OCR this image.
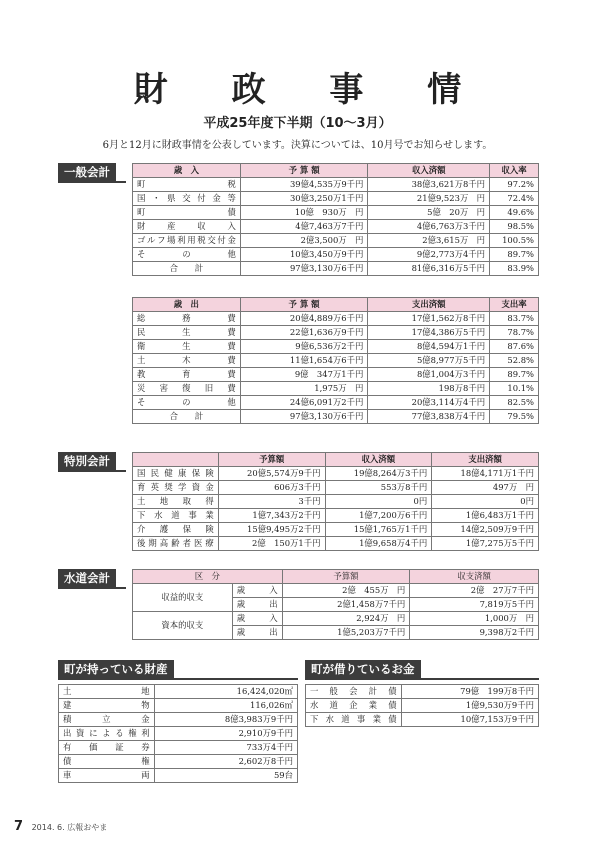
財 政 事 情
平成25年度下半期（10～3月）
6月と12月に財政事情を公表しています。決算については、10月号でお知らせします。
一般会計	歳　入	予 算 額	収入済額	収入率
町　　　　　税	39億4,535万9千円	38億3,621万8千円	97.2%
国・県交付金等	30億3,250万1千円	21億9,523万　円	72.4%
町　　　　　債	10億　930万　円	5億　20万　円	49.6%
財　産　収　入	4億7,463万7千円	4億6,763万3千円	98.5%
ゴルフ場利用税交付金	2億3,500万　円	2億3,615万　円	100.5%
そ　　の　　他	10億3,450万9千円	9億2,773万4千円	89.7%
合　　計	97億3,130万6千円	81億6,316万5千円	83.9%
歳　出	予 算 額	支出済額	支出率
総　　務　　費	20億4,889万6千円	17億1,562万8千円	83.7%
民　　生　　費	22億1,636万9千円	17億4,386万5千円	78.7%
衛　　生　　費	9億6,536万2千円	8億4,594万1千円	87.6%
土　　木　　費	11億1,654万6千円	5億8,977万5千円	52.8%
教　　育　　費	9億　347万1千円	8億1,004万3千円	89.7%
災 害 復 旧 費	1,975万　円	198万8千円	10.1%
そ　　の　　他	24億6,091万2千円	20億3,114万4千円	82.5%
合　　計	97億3,130万6千円	77億3,838万4千円	79.5%
特別会計
		予算額	収入済額	支出済額
国民健康保険	20億5,574万9千円	19億8,264万3千円	18億4,171万1千円
育英奨学資金	606万3千円	553万8千円	497万　円
土　地　取　得	3千円	0円	0円
下水道事業	1億7,343万2千円	1億7,200万6千円	1億6,483万1千円
介　護　保　険	15億9,495万2千円	15億1,765万1千円	14億2,509万9千円
後期高齢者医療	2億　150万1千円	1億9,658万4千円	1億7,275万5千円
水道会計	区　分		予算額	収支済額
収益的収支	歳　入	2億　455万　円	2億　27万7千円
	歳　出	2億1,458万7千円	7,819万5千円
資本的収支	歳　入	2,924万　円	1,000万　円
	歳　出	1億5,203万7千円	9,398万2千円
町が持っている財産
土　　　　地	16,424,020㎡
建　　　　物	116,026㎡
積　　立　　金	8億3,983万9千円
出資による権利	2,910万9千円
有　価　証　券	733万4千円
債　　　　権	2,602万8千円
車　　　　両	59台
町が借りているお金
一般会計債	79億　199万8千円
水道企業債	1億9,530万9千円
下水道事業債	10億7,153万9千円
7 2014. 6. 広報おやま
